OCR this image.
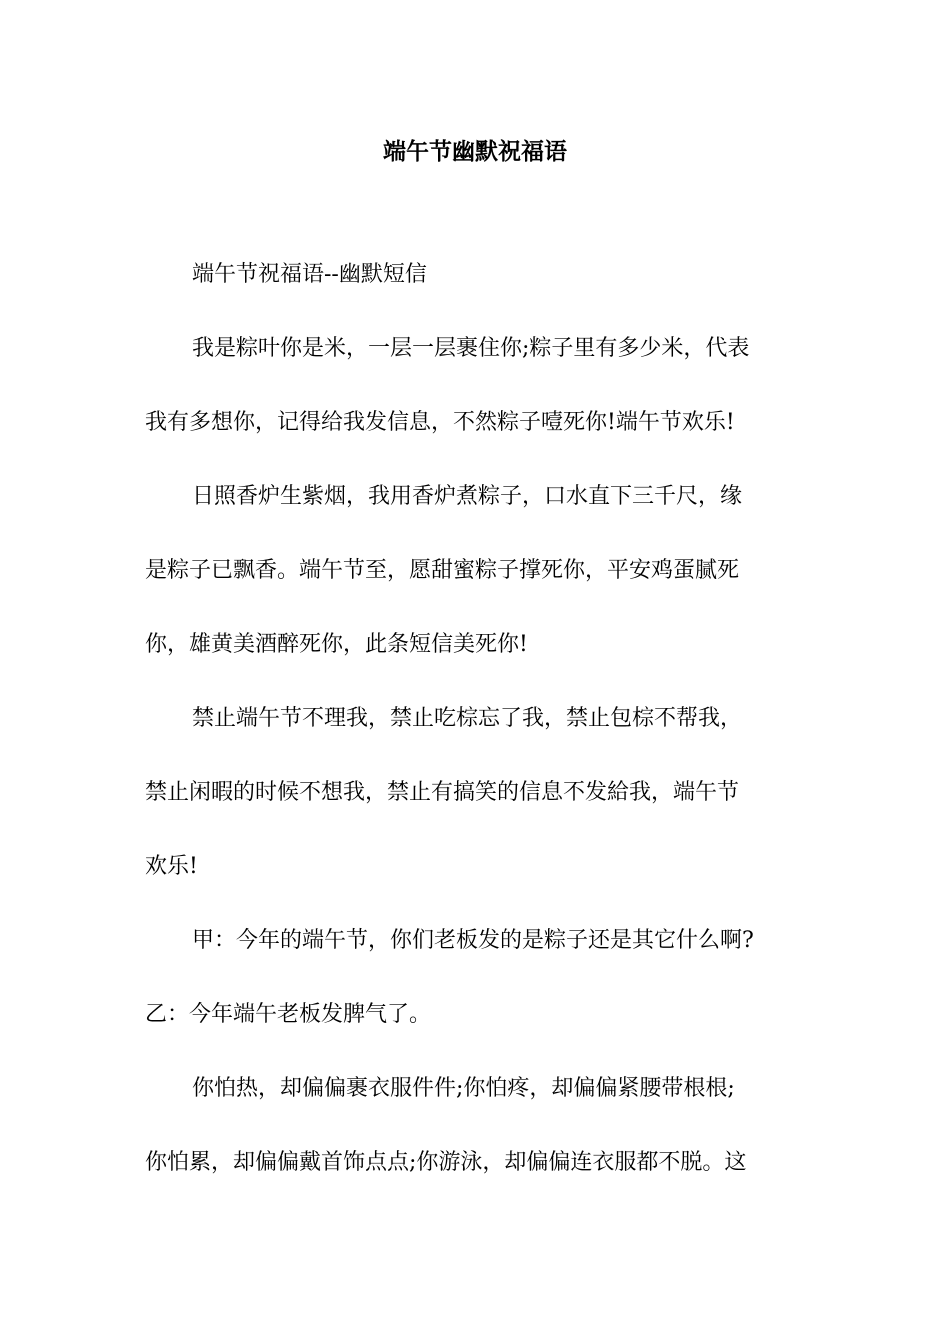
端午节幽默祝福语
端午节祝福语--幽默短信
我是粽叶你是米，一层一层裹住你;粽子里有多少米，代表
我有多想你，记得给我发信息，不然粽子噎死你!端午节欢乐!
日照香炉生紫烟，我用香炉煮粽子，口水直下三千尺，缘
是粽子已飘香。端午节至，愿甜蜜粽子撑死你，平安鸡蛋腻死
你，雄黄美酒醉死你，此条短信美死你!
禁止端午节不理我，禁止吃棕忘了我，禁止包棕不帮我，
禁止闲暇的时候不想我，禁止有搞笑的信息不发給我，端午节
欢乐!
甲：今年的端午节，你们老板发的是粽子还是其它什么啊?
乙：今年端午老板发脾气了。
你怕热，却偏偏裹衣服件件;你怕疼，却偏偏紧腰带根根;
你怕累，却偏偏戴首饰点点;你游泳，却偏偏连衣服都不脱。这
